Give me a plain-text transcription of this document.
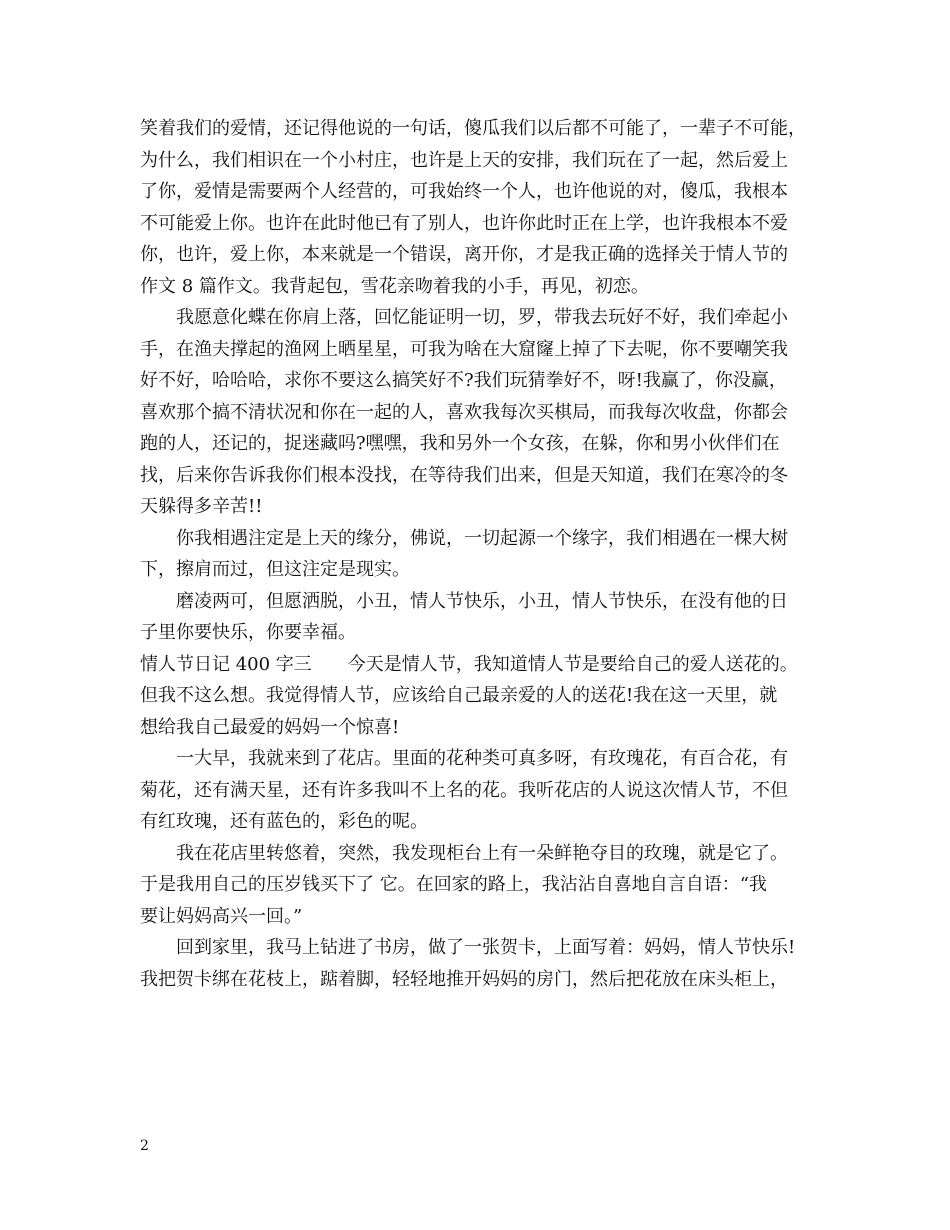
笑着我们的爱情，还记得他说的一句话，傻瓜我们以后都不可能了，一辈子不可能，
为什么，我们相识在一个小村庄，也许是上天的安排，我们玩在了一起，然后爱上
了你，爱情是需要两个人经营的，可我始终一个人，也许他说的对，傻瓜，我根本
不可能爱上你。也许在此时他已有了别人，也许你此时正在上学，也许我根本不爱
你，也许，爱上你，本来就是一个错误，离开你，才是我正确的选择关于情人节的
作文 8 篇作文。我背起包，雪花亲吻着我的小手，再见，初恋。
我愿意化蝶在你肩上落，回忆能证明一切，罗，带我去玩好不好，我们牵起小
手，在渔夫撑起的渔网上晒星星，可我为啥在大窟窿上掉了下去呢，你不要嘲笑我
好不好，哈哈哈，求你不要这么搞笑好不?我们玩猜拳好不，呀!我赢了，你没赢，
喜欢那个搞不清状况和你在一起的人，喜欢我每次买棋局，而我每次收盘，你都会
跑的人，还记的，捉迷藏吗?嘿嘿，我和另外一个女孩，在躲，你和男小伙伴们在
找，后来你告诉我你们根本没找，在等待我们出来，但是天知道，我们在寒冷的冬
天躲得多辛苦!!
你我相遇注定是上天的缘分，佛说，一切起源一个缘字，我们相遇在一棵大树
下，擦肩而过，但这注定是现实。
磨凌两可，但愿洒脱，小丑，情人节快乐，小丑，情人节快乐，在没有他的日
子里你要快乐，你要幸福。
情人节日记 400 字三　　今天是情人节，我知道情人节是要给自己的爱人送花的。
但我不这么想。我觉得情人节，应该给自己最亲爱的人的送花!我在这一天里，就
想给我自己最爱的妈妈一个惊喜!
一大早，我就来到了花店。里面的花种类可真多呀，有玫瑰花，有百合花，有
菊花，还有满天星，还有许多我叫不上名的花。我听花店的人说这次情人节，不但
有红玫瑰，还有蓝色的，彩色的呢。
我在花店里转悠着，突然，我发现柜台上有一朵鲜艳夺目的玫瑰，就是它了。
于是我用自己的压岁钱买下了 它。在回家的路上，我沾沾自喜地自言自语：“我
要让妈妈高兴一回。”
回到家里，我马上钻进了书房，做了一张贺卡，上面写着：妈妈，情人节快乐!
我把贺卡绑在花枝上，踮着脚，轻轻地推开妈妈的房门，然后把花放在床头柜上，
2
